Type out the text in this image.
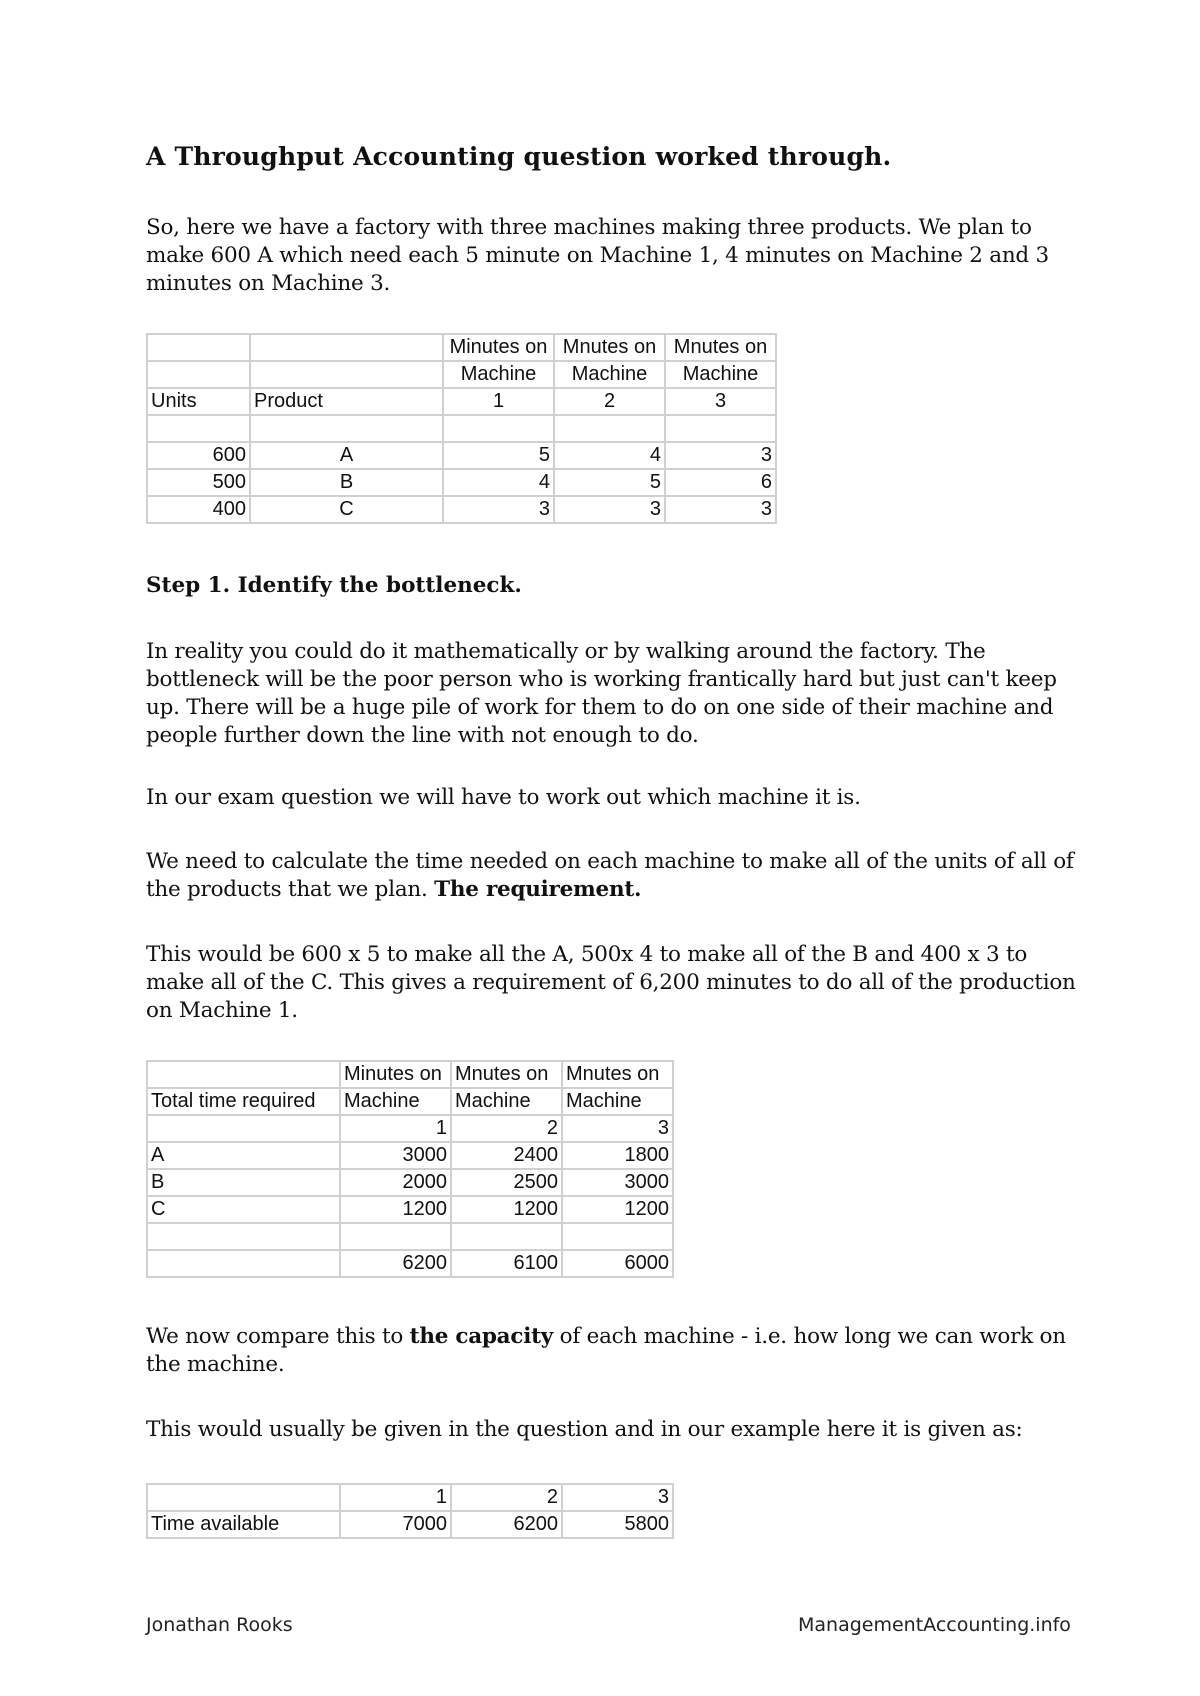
A Throughput Accounting question worked through.

So, here we have a factory with three machines making three products. We plan to make 600 A which need each 5 minute on Machine 1, 4 minutes on Machine 2 and 3 minutes on Machine 3.

		Minutes on	Mnutes on	Mnutes on
		Machine	Machine	Machine
Units	Product	1	2	3

600	A	5	4	3
500	B	4	5	6
400	C	3	3	3

Step 1. Identify the bottleneck.

In reality you could do it mathematically or by walking around the factory. The bottleneck will be the poor person who is working frantically hard but just can't keep up. There will be a huge pile of work for them to do on one side of their machine and people further down the line with not enough to do.

In our exam question we will have to work out which machine it is.

We need to calculate the time needed on each machine to make all of the units of all of the products that we plan. The requirement.

This would be 600 x 5 to make all the A, 500x 4 to make all of the B and 400 x 3 to make all of the C. This gives a requirement of 6,200 minutes to do all of the production on Machine 1.

	Minutes on	Mnutes on	Mnutes on
Total time required	Machine	Machine	Machine
	1	2	3
A	3000	2400	1800
B	2000	2500	3000
C	1200	1200	1200

	6200	6100	6000

We now compare this to the capacity of each machine - i.e. how long we can work on the machine.

This would usually be given in the question and in our example here it is given as:

	1	2	3
Time available	7000	6200	5800
Jonathan Rooks	ManagementAccounting.info
